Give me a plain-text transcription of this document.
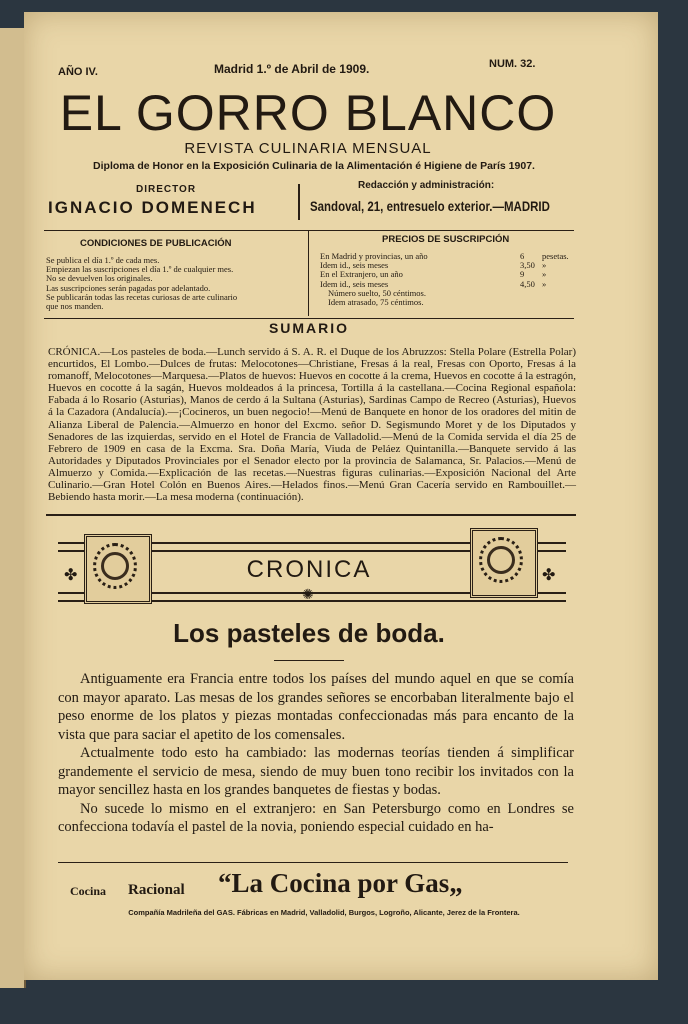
AÑO IV.	Madrid 1.º de Abril de 1909.	NUM. 32.
EL GORRO BLANCO
REVISTA CULINARIA MENSUAL
Diploma de Honor en la Exposición Culinaria de la Alimentación é Higiene de París 1907.
DIRECTOR
IGNACIO DOMENECH
Redacción y administración:
Sandoval, 21, entresuelo exterior.—MADRID
CONDICIONES DE PUBLICACIÓN
Se publica el día 1.º de cada mes.
Empiezan las suscripciones el día 1.º de cualquier mes.
No se devuelven los originales.
Las suscripciones serán pagadas por adelantado.
Se publicarán todas las recetas curiosas de arte culinario
que nos manden.
PRECIOS DE SUSCRIPCIÓN
En Madrid y provincias, un año	6	pesetas.
Idem id., seis meses	3,50 »
En el Extranjero, un año	9	»
Idem id., seis meses	4,50 »
Número suelto, 50 céntimos.
Idem atrasado, 75 céntimos.
SUMARIO
CRÓNICA.—Los pasteles de boda.—Lunch servido á S. A. R. el Duque de los Abruzzos: Stella Polare (Estrella Polar) encurtidos, El Lombo.—Dulces de frutas: Melocotones—Christiane, Fresas á la real, Fresas con Oporto, Fresas á la romanoff, Melocotones—Marquesa.—Platos de huevos: Huevos en cocotte á la crema, Huevos en cocotte á la estragón, Huevos en cocotte á la sagán, Huevos moldeados á la princesa, Tortilla á la castellana.—Cocina Regional española: Fabada á lo Rosario (Asturias), Manos de cerdo á la Sultana (Asturias), Sardinas Campo de Recreo (Asturias), Huevos á la Cazadora (Andalucía).—¡Cocineros, un buen negocio!—Menú de Banquete en honor de los oradores del mitin de Alianza Liberal de Palencia.—Almuerzo en honor del Excmo. señor D. Segismundo Moret y de los Diputados y Senadores de las izquierdas, servido en el Hotel de Francia de Valladolid.—Menú de la Comida servida el día 25 de Febrero de 1909 en casa de la Excma. Sra. Doña María, Viuda de Peláez Quintanilla.—Banquete servido á las Autoridades y Diputados Provinciales por el Senador electo por la provincia de Salamanca, Sr. Palacios.—Menú de Almuerzo y Comida.—Explicación de las recetas.—Nuestras figuras culinarias.—Exposición Nacional del Arte Culinario.—Gran Hotel Colón en Buenos Aires.—Helados finos.—Menú Gran Cacería servido en Rambouillet.—Bebiendo hasta morir.—La mesa moderna (continuación).
✤	✤
CRONICA
✺
Los pasteles de boda.

Antiguamente era Francia entre todos los países del mundo aquel en que se comía con mayor aparato. Las mesas de los grandes señores se encorbaban literalmente bajo el peso enorme de los platos y piezas montadas confeccionadas más para encanto de la vista que para saciar el apetito de los comensales.

Actualmente todo esto ha cambiado: las modernas teorías tienden á simplificar grandemente el servicio de mesa, siendo de muy buen tono recibir los invitados con la mayor sencillez hasta en los grandes banquetes de fiestas y bodas.

No sucede lo mismo en el extranjero: en San Petersburgo como en Londres se confecciona todavía el pastel de la novia, poniendo especial cuidado en ha-

Cocina Racional “La Cocina por Gas„
Compañía Madrileña del GAS. Fábricas en Madrid, Valladolid, Burgos, Logroño, Alicante, Jerez de la Frontera.
